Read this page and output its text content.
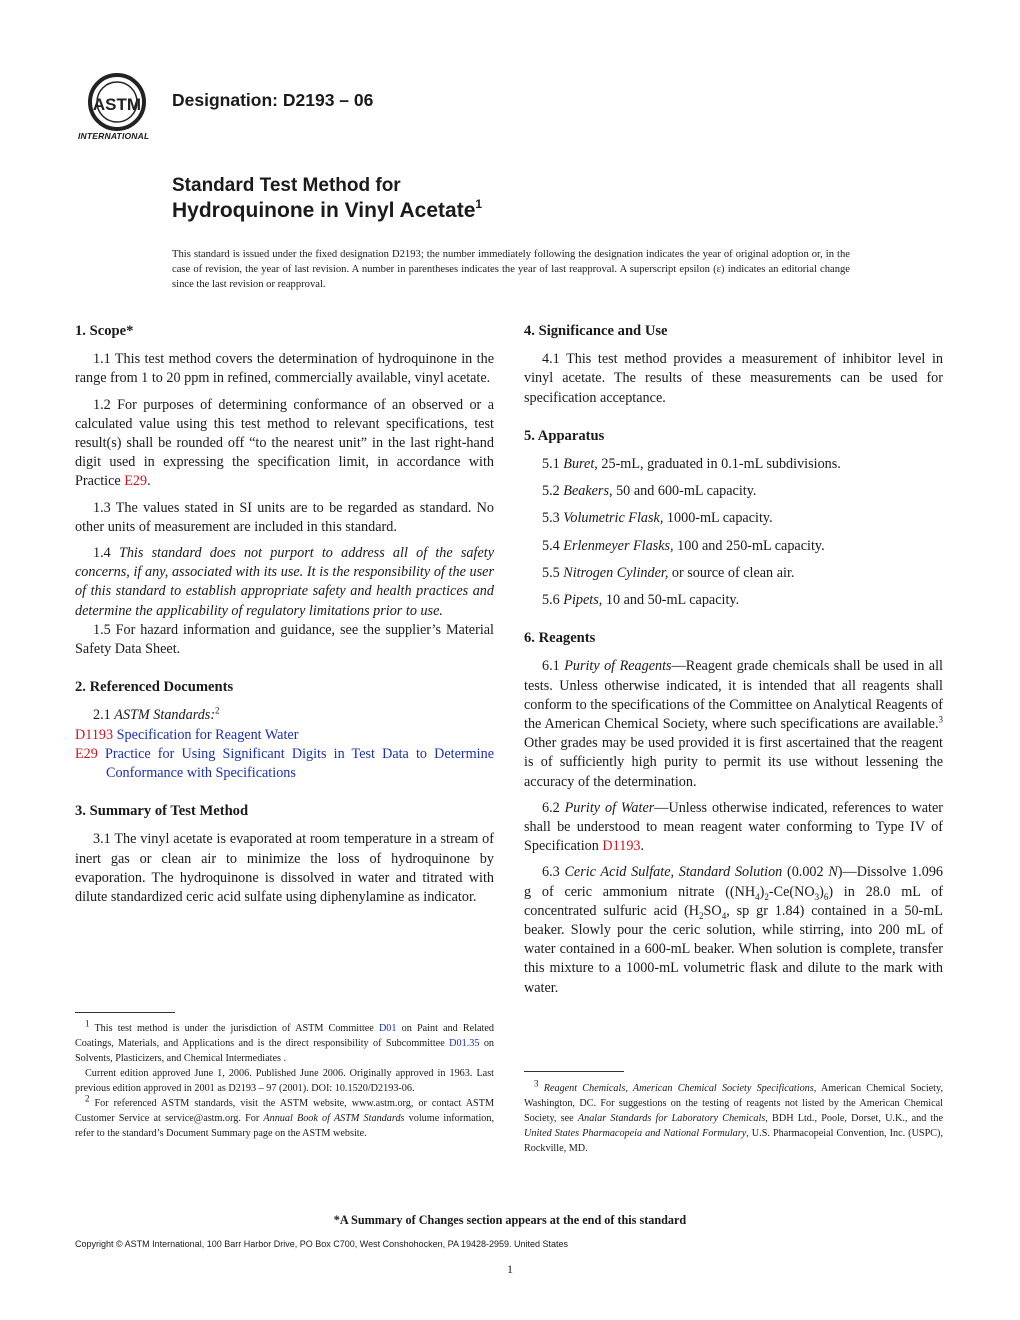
ASTM
INTERNATIONAL
Designation: D2193 – 06
Standard Test Method for
Hydroquinone in Vinyl Acetate$^1$
This standard is issued under the fixed designation D2193; the number immediately following the designation indicates the year of original adoption or, in the case of revision, the year of last revision. A number in parentheses indicates the year of last reapproval. A superscript epsilon (ε) indicates an editorial change since the last revision or reapproval.
1. Scope*

1.1 This test method covers the determination of hydroquinone in the range from 1 to 20 ppm in refined, commercially available, vinyl acetate.

1.2 For purposes of determining conformance of an observed or a calculated value using this test method to relevant specifications, test result(s) shall be rounded off “to the nearest unit” in the last right-hand digit used in expressing the specification limit, in accordance with Practice E29.

1.3 The values stated in SI units are to be regarded as standard. No other units of measurement are included in this standard.

1.4 This standard does not purport to address all of the safety concerns, if any, associated with its use. It is the responsibility of the user of this standard to establish appropriate safety and health practices and determine the applicability of regulatory limitations prior to use.

1.5 For hazard information and guidance, see the supplier’s Material Safety Data Sheet.

2. Referenced Documents

2.1 ASTM Standards:$^2$

D1193 Specification for Reagent Water

E29 Practice for Using Significant Digits in Test Data to Determine Conformance with Specifications

3. Summary of Test Method

3.1 The vinyl acetate is evaporated at room temperature in a stream of inert gas or clean air to minimize the loss of hydroquinone by evaporation. The hydroquinone is dissolved in water and titrated with dilute standardized ceric acid sulfate using diphenylamine as indicator.

$^1$ This test method is under the jurisdiction of ASTM Committee D01 on Paint and Related Coatings, Materials, and Applications and is the direct responsibility of Subcommittee D01.35 on Solvents, Plasticizers, and Chemical Intermediates .

Current edition approved June 1, 2006. Published June 2006. Originally approved in 1963. Last previous edition approved in 2001 as D2193 – 97 (2001). DOI: 10.1520/D2193-06.

$^2$ For referenced ASTM standards, visit the ASTM website, www.astm.org, or contact ASTM Customer Service at service@astm.org. For Annual Book of ASTM Standards volume information, refer to the standard’s Document Summary page on the ASTM website.

4. Significance and Use

4.1 This test method provides a measurement of inhibitor level in vinyl acetate. The results of these measurements can be used for specification acceptance.

5. Apparatus

5.1 Buret, 25-mL, graduated in 0.1-mL subdivisions.

5.2 Beakers, 50 and 600-mL capacity.

5.3 Volumetric Flask, 1000-mL capacity.

5.4 Erlenmeyer Flasks, 100 and 250-mL capacity.

5.5 Nitrogen Cylinder, or source of clean air.

5.6 Pipets, 10 and 50-mL capacity.

6. Reagents

6.1 Purity of Reagents—Reagent grade chemicals shall be used in all tests. Unless otherwise indicated, it is intended that all reagents shall conform to the specifications of the Committee on Analytical Reagents of the American Chemical Society, where such specifications are available.$^3$ Other grades may be used provided it is first ascertained that the reagent is of sufficiently high purity to permit its use without lessening the accuracy of the determination.

6.2 Purity of Water—Unless otherwise indicated, references to water shall be understood to mean reagent water conforming to Type IV of Specification D1193.

6.3 Ceric Acid Sulfate, Standard Solution (0.002 N)—Dissolve 1.096 g of ceric ammonium nitrate $((NH_4)_2-Ce(NO_3)_6)$ in 28.0 mL of concentrated sulfuric acid ($H_2SO_4$, sp gr 1.84) contained in a 50-mL beaker. Slowly pour the ceric solution, while stirring, into 200 mL of water contained in a 600-mL beaker. When solution is complete, transfer this mixture to a 1000-mL volumetric flask and dilute to the mark with water.

$^3$ Reagent Chemicals, American Chemical Society Specifications, American Chemical Society, Washington, DC. For suggestions on the testing of reagents not listed by the American Chemical Society, see Analar Standards for Laboratory Chemicals, BDH Ltd., Poole, Dorset, U.K., and the United States Pharmacopeia and National Formulary, U.S. Pharmacopeial Convention, Inc. (USPC), Rockville, MD.

*A Summary of Changes section appears at the end of this standard
Copyright © ASTM International, 100 Barr Harbor Drive, PO Box C700, West Conshohocken, PA 19428-2959. United States
1
